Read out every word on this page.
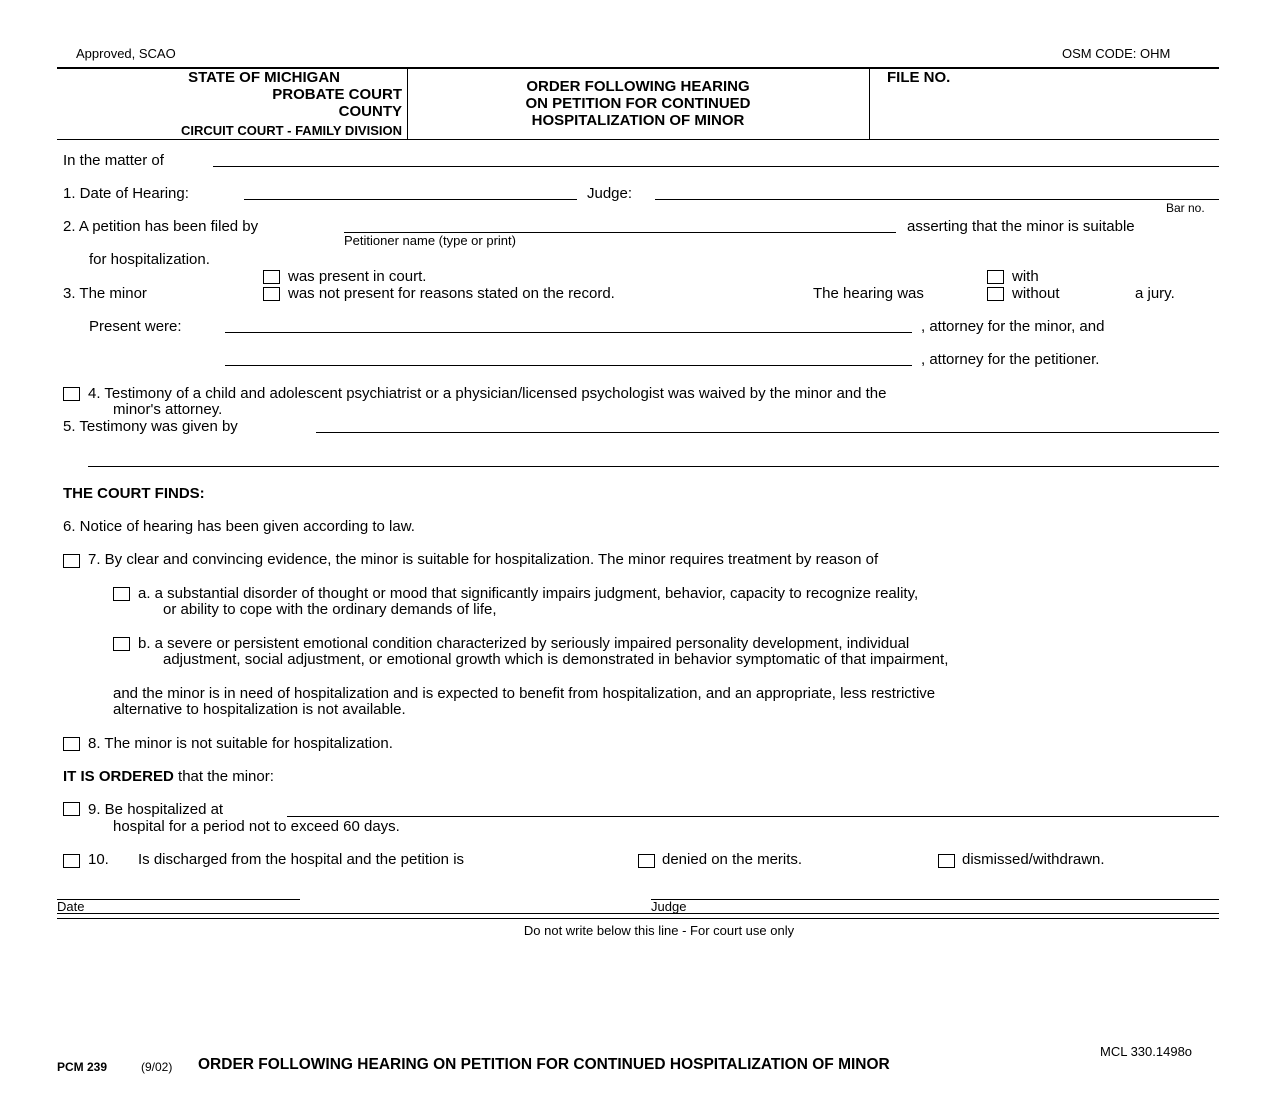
Approved, SCAO	OSM CODE: OHM
STATE OF MICHIGAN
PROBATE COURT
COUNTY
CIRCUIT COURT - FAMILY DIVISION
ORDER FOLLOWING HEARING
ON PETITION FOR CONTINUED
HOSPITALIZATION OF MINOR
FILE NO.
In the matter of
1. Date of Hearing:	Judge:
Bar no.
2. A petition has been filed by	asserting that the minor is suitable
Petitioner name (type or print)
for hospitalization.
was present in court.
3. The minor	was not present for reasons stated on the record.	The hearing was
with
without	a jury.
Present were:	, attorney for the minor, and
, attorney for the petitioner.
4. Testimony of a child and adolescent psychiatrist or a physician/licensed psychologist was waived by the minor and the
minor's attorney.
5. Testimony was given by
THE COURT FINDS:
6. Notice of hearing has been given according to law.
7. By clear and convincing evidence, the minor is suitable for hospitalization. The minor requires treatment by reason of
a. a substantial disorder of thought or mood that significantly impairs judgment, behavior, capacity to recognize reality,
or ability to cope with the ordinary demands of life,
b. a severe or persistent emotional condition characterized by seriously impaired personality development, individual
adjustment, social adjustment, or emotional growth which is demonstrated in behavior symptomatic of that impairment,
and the minor is in need of hospitalization and is expected to benefit from hospitalization, and an appropriate, less restrictive
alternative to hospitalization is not available.
8. The minor is not suitable for hospitalization.
IT IS ORDERED that the minor:
9. Be hospitalized at
hospital for a period not to exceed 60 days.
10. Is discharged from the hospital and the petition is	denied on the merits.	dismissed/withdrawn.
Date	Judge
Do not write below this line - For court use only
MCL 330.1498o
PCM 239	(9/02) ORDER FOLLOWING HEARING ON PETITION FOR CONTINUED HOSPITALIZATION OF MINOR
